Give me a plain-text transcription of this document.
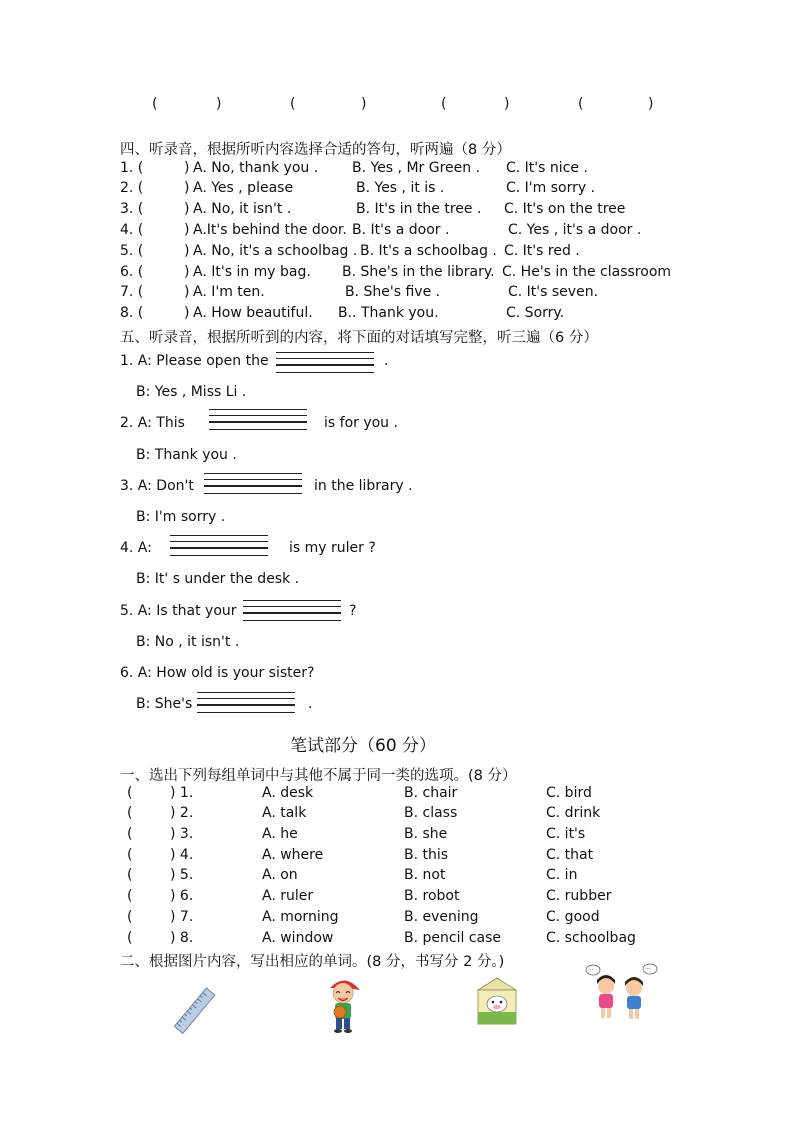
(	)	(	)	(	)	(	)
四、听录音，根据所听内容选择合适的答句，听两遍（8 分）
1. (	) A. No, thank you . B. Yes , Mr Green . C. It's nice .
2. (	) A. Yes , please	B. Yes , it is .	C. I'm sorry .
3. (	) A. No, it isn't .	B. It's in the tree . C. It's on the tree
4. (	) A.It's behind the door. B. It's a door .	C. Yes , it's a door .
5. (	) A. No, it's a schoolbag . B. It's a schoolbag . C. It's red .
6. (	) A. It's in my bag. B. She's in the library. C. He's in the classroom
7. (	) A. I'm ten.	B. She's five .	C. It's seven.
8. (	) A. How beautiful. B.. Thank you.	C. Sorry.
五、听录音，根据所听到的内容，将下面的对话填写完整，听三遍（6 分）
1. A: Please open the	.
B: Yes , Miss Li .
2. A: This	is for you .
B: Thank you .
3. A: Don't	in the library .
B: I'm sorry .
4. A:	is my ruler ?
B: It' s under the desk .
5. A: Is that your	?
B: No , it isn't .
6. A: How old is your sister?
B: She's	.
笔试部分（60 分）
一、选出下列每组单词中与其他不属于同一类的选项。(8 分）
(	) 1.	A. desk	B. chair	C. bird
(	) 2.	A. talk	B. class	C. drink
(	) 3.	A. he	B. she	C. it's
(	) 4.	A. where	B. this	C. that
(	) 5.	A. on	B. not	C. in
(	) 6.	A. ruler	B. robot	C. rubber
(	) 7.	A. morning	B. evening	C. good
(	) 8.	A. window	B. pencil case	C. schoolbag
二、根据图片内容，写出相应的单词。(8 分，书写分 2 分。)
···	···
